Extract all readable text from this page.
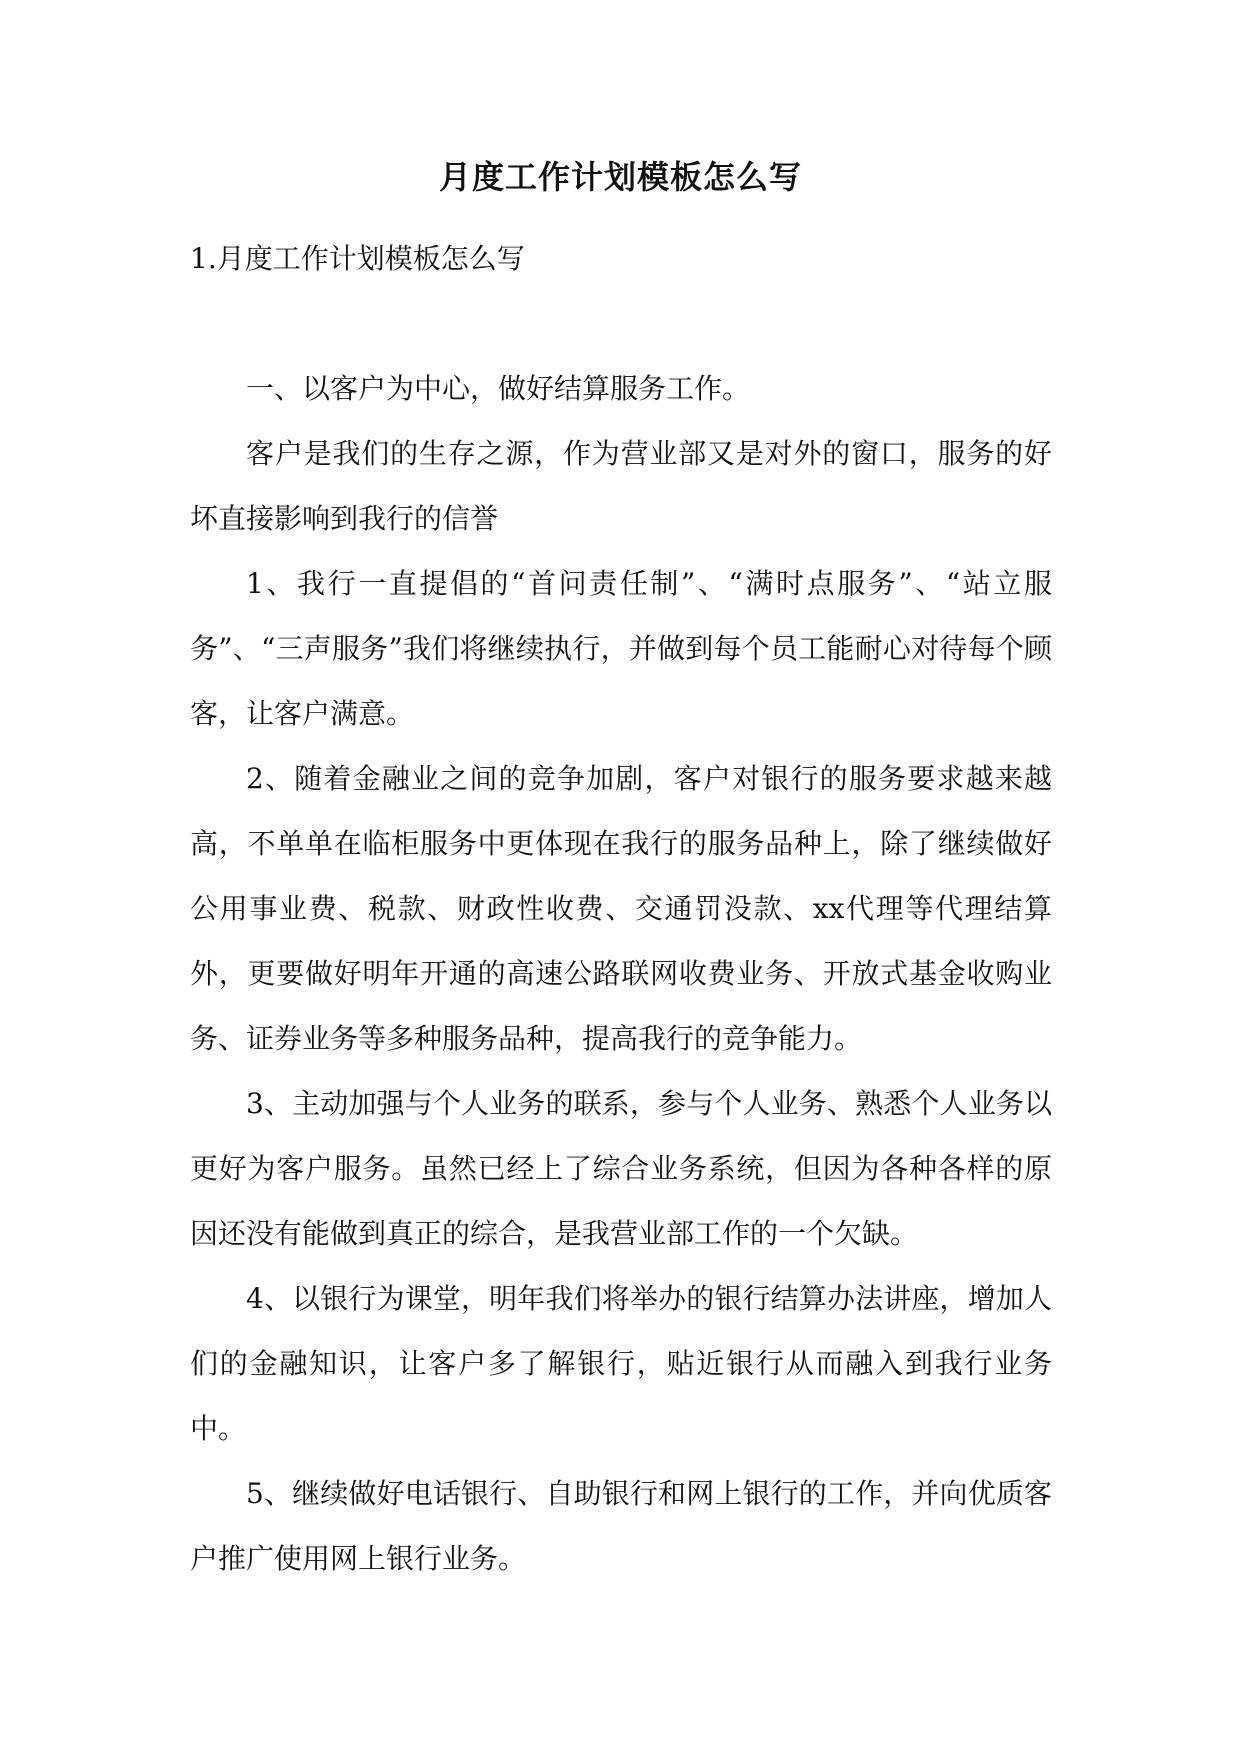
月度工作计划模板怎么写

1.月度工作计划模板怎么写

一、以客户为中心，做好结算服务工作。

客户是我们的生存之源，作为营业部又是对外的窗口，服务的好坏直接影响到我行的信誉

1、我行一直提倡的“首问责任制”、“满时点服务”、“站立服务”、“三声服务”我们将继续执行，并做到每个员工能耐心对待每个顾客，让客户满意。

2、随着金融业之间的竞争加剧，客户对银行的服务要求越来越高，不单单在临柜服务中更体现在我行的服务品种上，除了继续做好公用事业费、税款、财政性收费、交通罚没款、xx代理等代理结算外，更要做好明年开通的高速公路联网收费业务、开放式基金收购业务、证券业务等多种服务品种，提高我行的竞争能力。

3、主动加强与个人业务的联系，参与个人业务、熟悉个人业务以更好为客户服务。虽然已经上了综合业务系统，但因为各种各样的原因还没有能做到真正的综合，是我营业部工作的一个欠缺。

4、以银行为课堂，明年我们将举办的银行结算办法讲座，增加人们的金融知识，让客户多了解银行，贴近银行从而融入到我行业务中。

5、继续做好电话银行、自助银行和网上银行的工作，并向优质客户推广使用网上银行业务。
